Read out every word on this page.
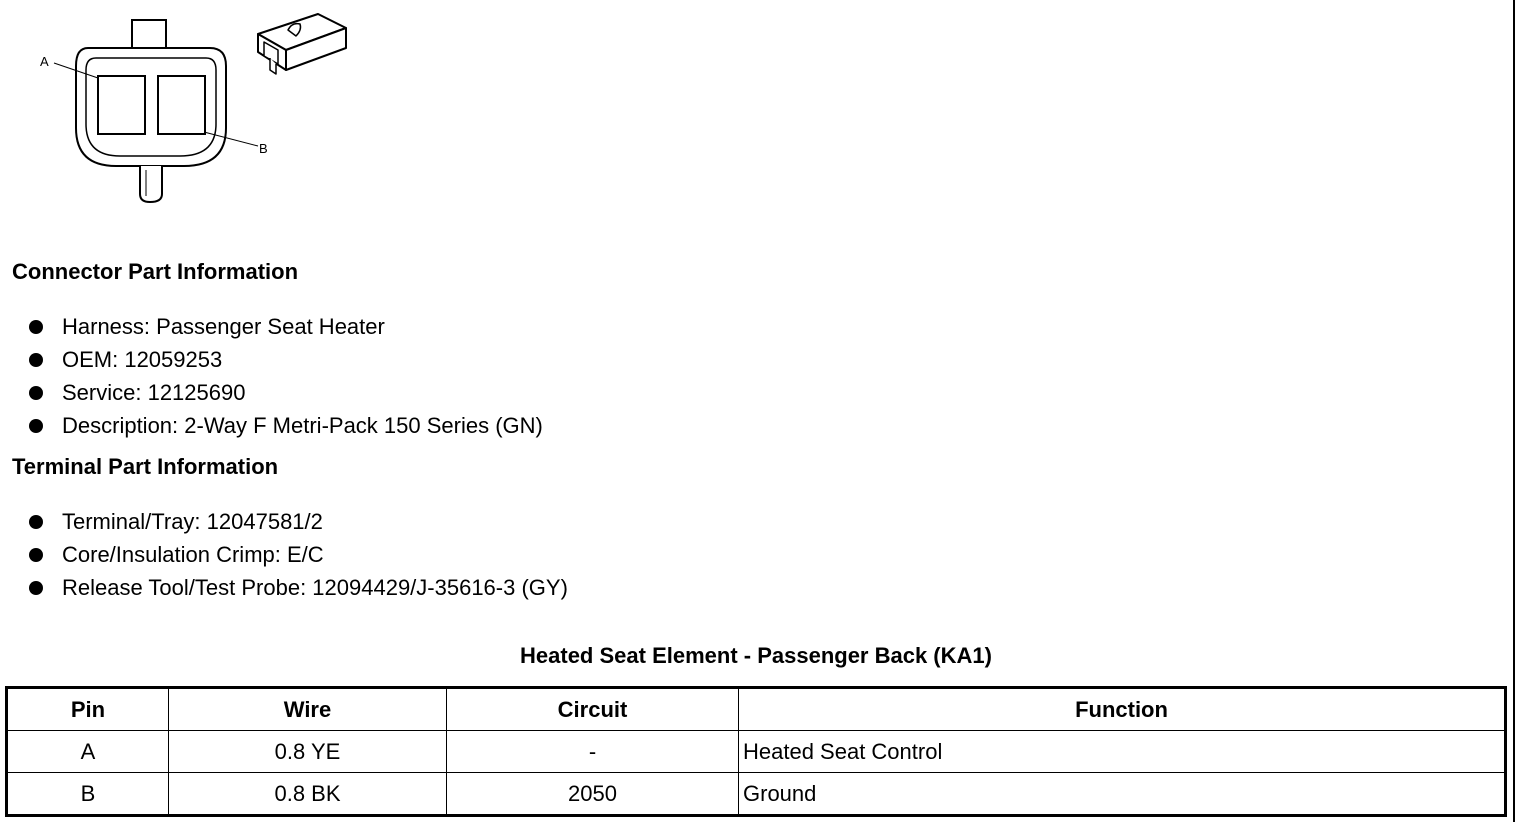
A
B
Connector Part Information
Harness: Passenger Seat Heater
OEM: 12059253
Service: 12125690
Description: 2-Way F Metri-Pack 150 Series (GN)
Terminal Part Information
Terminal/Tray: 12047581/2
Core/Insulation Crimp: E/C
Release Tool/Test Probe: 12094429/J-35616-3 (GY)
Heated Seat Element - Passenger Back (KA1)
Pin	Wire	Circuit	Function
A	0.8 YE	-	Heated Seat Control
B	0.8 BK	2050	Ground
